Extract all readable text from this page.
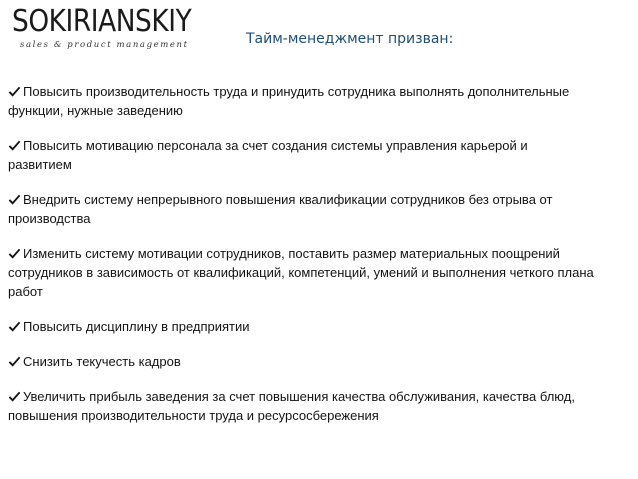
SOKIRIANSKIY
sales & product management	Тайм-менеджмент призван:
Повысить производительность труда и принудить сотрудника выполнять дополнительные функции, нужные заведению
Повысить мотивацию персонала за счет создания системы управления карьерой и развитием
Внедрить систему непрерывного повышения квалификации сотрудников без отрыва от производства
Изменить систему мотивации сотрудников, поставить размер материальных поощрений сотрудников в зависимость от квалификаций, компетенций, умений и выполнения четкого плана работ
Повысить дисциплину в предприятии
Снизить текучесть кадров
Увеличить прибыль заведения за счет повышения качества обслуживания, качества блюд, повышения производительности труда и ресурсосбережения
